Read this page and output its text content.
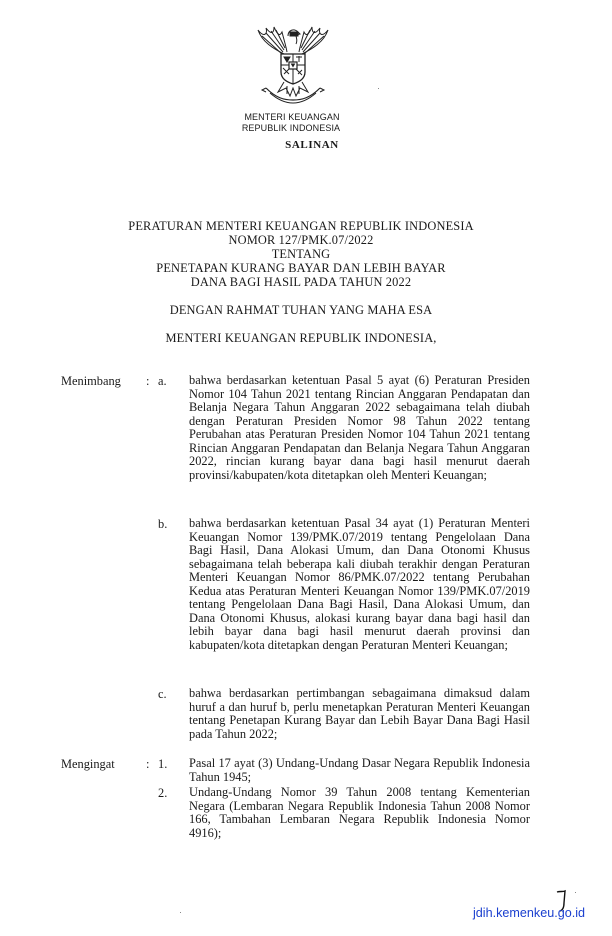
MENTERI KEUANGAN
REPUBLIK INDONESIA
SALINAN
PERATURAN MENTERI KEUANGAN REPUBLIK INDONESIA
NOMOR 127/PMK.07/2022
TENTANG
PENETAPAN KURANG BAYAR DAN LEBIH BAYAR
DANA BAGI HASIL PADA TAHUN 2022
DENGAN RAHMAT TUHAN YANG MAHA ESA
MENTERI KEUANGAN REPUBLIK INDONESIA,
Menimbang : a. bahwa berdasarkan ketentuan Pasal 5 ayat (6) Peraturan Presiden Nomor 104 Tahun 2021 tentang Rincian Anggaran Pendapatan dan Belanja Negara Tahun Anggaran 2022 sebagaimana telah diubah dengan Peraturan Presiden Nomor 98 Tahun 2022 tentang Perubahan atas Peraturan Presiden Nomor 104 Tahun 2021 tentang Rincian Anggaran Pendapatan dan Belanja Negara Tahun Anggaran 2022, rincian kurang bayar dana bagi hasil menurut daerah provinsi/kabupaten/kota ditetapkan oleh Menteri Keuangan;
b. bahwa berdasarkan ketentuan Pasal 34 ayat (1) Peraturan Menteri Keuangan Nomor 139/PMK.07/2019 tentang Pengelolaan Dana Bagi Hasil, Dana Alokasi Umum, dan Dana Otonomi Khusus sebagaimana telah beberapa kali diubah terakhir dengan Peraturan Menteri Keuangan Nomor 86/PMK.07/2022 tentang Perubahan Kedua atas Peraturan Menteri Keuangan Nomor 139/PMK.07/2019 tentang Pengelolaan Dana Bagi Hasil, Dana Alokasi Umum, dan Dana Otonomi Khusus, alokasi kurang bayar dana bagi hasil dan lebih bayar dana bagi hasil menurut daerah provinsi dan kabupaten/kota ditetapkan dengan Peraturan Menteri Keuangan;
c. bahwa berdasarkan pertimbangan sebagaimana dimaksud dalam huruf a dan huruf b, perlu menetapkan Peraturan Menteri Keuangan tentang Penetapan Kurang Bayar dan Lebih Bayar Dana Bagi Hasil pada Tahun 2022;
Mengingat	: 1. Pasal 17 ayat (3) Undang-Undang Dasar Negara Republik Indonesia Tahun 1945;
2. Undang-Undang Nomor 39 Tahun 2008 tentang Kementerian Negara (Lembaran Negara Republik Indonesia Tahun 2008 Nomor 166, Tambahan Lembaran Negara Republik Indonesia Nomor 4916);
jdih.kemenkeu.go.id
